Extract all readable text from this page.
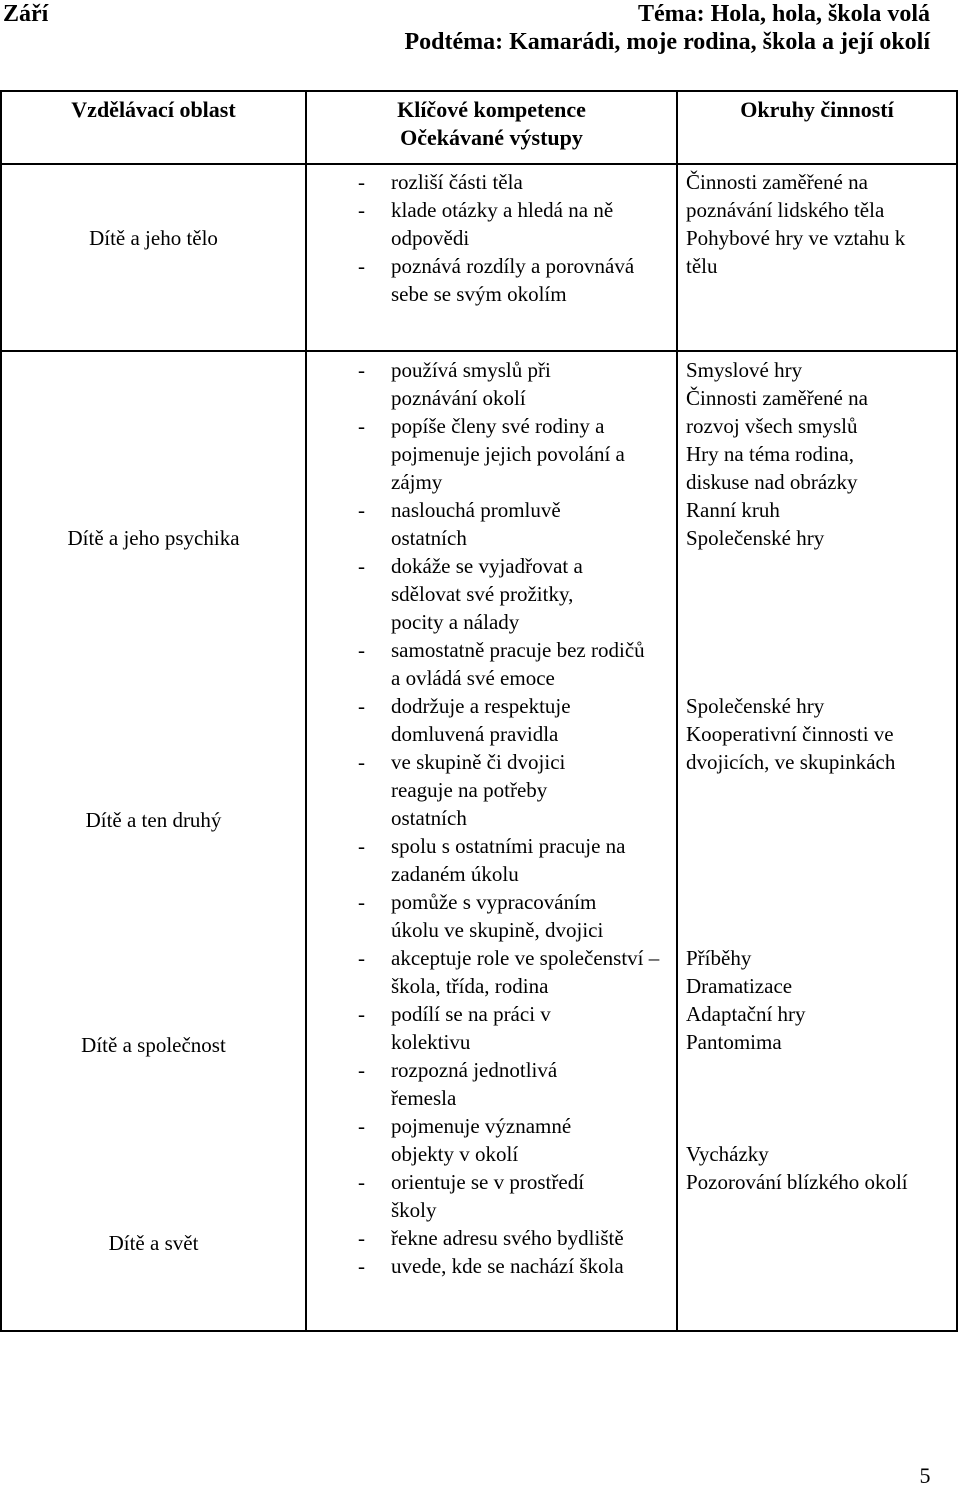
Září	Téma: Hola, hola, škola volá
Podtéma: Kamarádi, moje rodina, škola a její okolí
Vzdělávací oblast	Klíčové kompetence
Očekávané výstupy
Okruhy činností
Dítě a jeho tělo
Dítě a jeho psychika
Dítě a ten druhý
Dítě a společnost
Dítě a svět
- rozliší části těla
- klade otázky a hledá na ně odpovědi
- poznává rozdíly a porovnává sebe se svým okolím
- používá smyslů při poznávání okolí
- popíše členy své rodiny a pojmenuje jejich povolání a zájmy
- naslouchá promluvě ostatních
- dokáže se vyjadřovat a sdělovat své prožitky, pocity a nálady
- samostatně pracuje bez rodičů a ovládá své emoce
- dodržuje a respektuje domluvená pravidla
- ve skupině či dvojici reaguje na potřeby ostatních
- spolu s ostatními pracuje na zadaném úkolu
- pomůže s vypracováním úkolu ve skupině, dvojici
- akceptuje role ve společenství – škola, třída, rodina
- podílí se na práci v kolektivu
- rozpozná jednotlivá řemesla
- pojmenuje významné objekty v okolí
- orientuje se v prostředí školy
- řekne adresu svého bydliště
- uvede, kde se nachází škola
Činnosti zaměřené na
poznávání lidského těla
Pohybové hry ve vztahu k
tělu
Smyslové hry
Činnosti zaměřené na
rozvoj všech smyslů
Hry na téma rodina,
diskuse nad obrázky
Ranní kruh
Společenské hry
Společenské hry
Kooperativní činnosti ve
dvojicích, ve skupinkách
Příběhy
Dramatizace
Adaptační hry
Pantomima
Vycházky
Pozorování blízkého okolí
5
